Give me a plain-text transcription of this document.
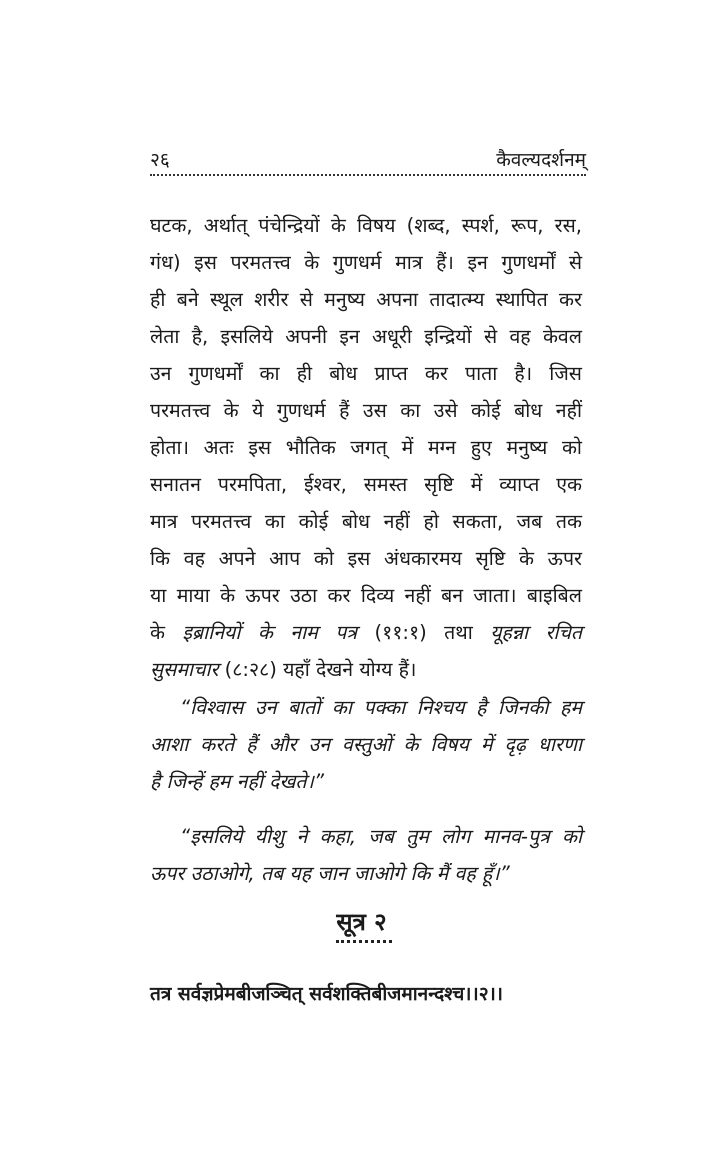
२६	कैवल्यदर्शनम्
घटक, अर्थात् पंचेन्द्रियों के विषय (शब्द, स्पर्श, रूप, रस,
गंध) इस परमतत्त्व के गुणधर्म मात्र हैं। इन गुणधर्मों से
ही बने स्थूल शरीर से मनुष्य अपना तादात्म्य स्थापित कर
लेता है, इसलिये अपनी इन अधूरी इन्द्रियों से वह केवल
उन गुणधर्मों का ही बोध प्राप्त कर पाता है। जिस
परमतत्त्व के ये गुणधर्म हैं उस का उसे कोई बोध नहीं
होता। अतः इस भौतिक जगत् में मग्न हुए मनुष्य को
सनातन परमपिता, ईश्वर, समस्त सृष्टि में व्याप्त एक
मात्र परमतत्त्व का कोई बोध नहीं हो सकता, जब तक
कि वह अपने आप को इस अंधकारमय सृष्टि के ऊपर
या माया के ऊपर उठा कर दिव्य नहीं बन जाता। बाइबिल
के इब्रानियों के नाम पत्र (११:१) तथा यूहन्ना रचित
सुसमाचार (८:२८) यहाँ देखने योग्य हैं।
“विश्वास उन बातों का पक्का निश्चय है जिनकी हम
आशा करते हैं और उन वस्तुओं के विषय में दृढ़ धारणा
है जिन्हें हम नहीं देखते।”
“इसलिये यीशु ने कहा, जब तुम लोग मानव-पुत्र को
ऊपर उठाओगे, तब यह जान जाओगे कि मैं वह हूँ।”
सूत्र २
तत्र सर्वज्ञप्रेमबीजञ्चित् सर्वशक्तिबीजमानन्दश्च।।२।।
